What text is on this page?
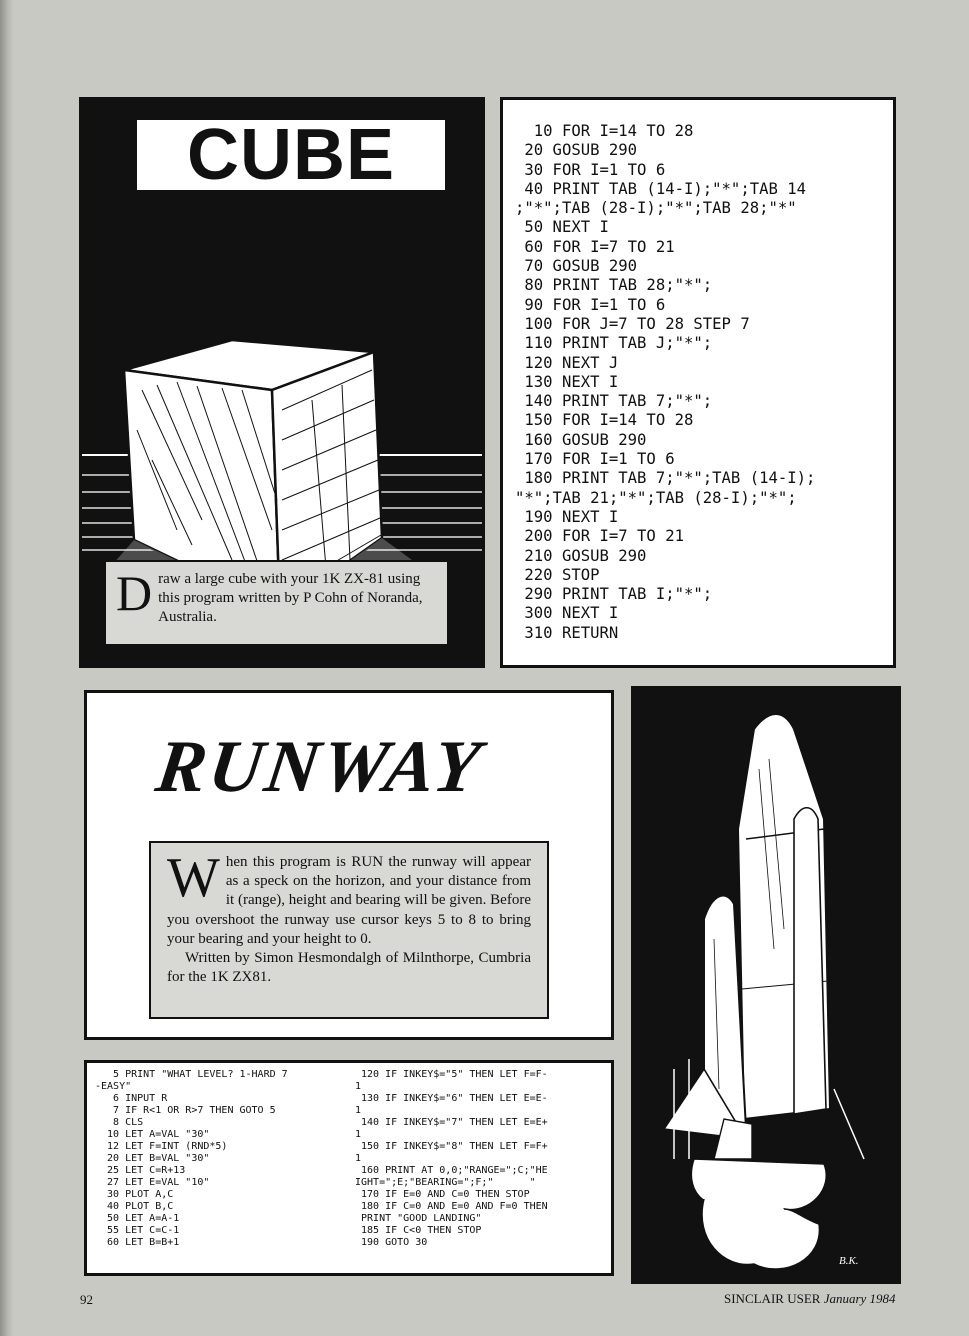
CUBE
Draw a large cube with your 1K ZX-81 using this program written by P Cohn of Noranda, Australia.
10 FOR I=14 TO 28
20 GOSUB 290
30 FOR I=1 TO 6
40 PRINT TAB (14-I);"*";TAB 14
;"*";TAB (28-I);"*";TAB 28;"*"
50 NEXT I
60 FOR I=7 TO 21
70 GOSUB 290
80 PRINT TAB 28;"*";
90 FOR I=1 TO 6
100 FOR J=7 TO 28 STEP 7
110 PRINT TAB J;"*";
120 NEXT J
130 NEXT I
140 PRINT TAB 7;"*";
150 FOR I=14 TO 28
160 GOSUB 290
170 FOR I=1 TO 6
180 PRINT TAB 7;"*";TAB (14-I);
"*";TAB 21;"*";TAB (28-I);"*";
190 NEXT I
200 FOR I=7 TO 21
210 GOSUB 290
220 STOP
290 PRINT TAB I;"*";
300 NEXT I
310 RETURN
RUNWAY
When this program is RUN the runway will appear as a speck on the horizon, and your distance from it (range), height and bearing will be given. Before you overshoot the runway use cursor keys 5 to 8 to bring your bearing and your height to 0.
Written by Simon Hesmondalgh of Milnthorpe, Cumbria for the 1K ZX81.
B.K.
5 PRINT "WHAT LEVEL? 1-HARD 7
-EASY"
6 INPUT R
7 IF R<1 OR R>7 THEN GOTO 5
8 CLS
10 LET A=VAL "30"
12 LET F=INT (RND*5)
20 LET B=VAL "30"
25 LET C=R+13
27 LET E=VAL "10"
30 PLOT A,C
40 PLOT B,C
50 LET A=A-1
55 LET C=C-1
60 LET B=B+1
120 IF INKEY$="5" THEN LET F=F-
1
130 IF INKEY$="6" THEN LET E=E-
1
140 IF INKEY$="7" THEN LET E=E+
1
150 IF INKEY$="8" THEN LET F=F+
1
160 PRINT AT 0,0;"RANGE=";C;"HE
IGHT=";E;"BEARING=";F;"      "
170 IF E=0 AND C=0 THEN STOP
180 IF C=0 AND E=0 AND F=0 THEN
PRINT "GOOD LANDING"
185 IF C<0 THEN STOP
190 GOTO 30
92	SINCLAIR USER January 1984
